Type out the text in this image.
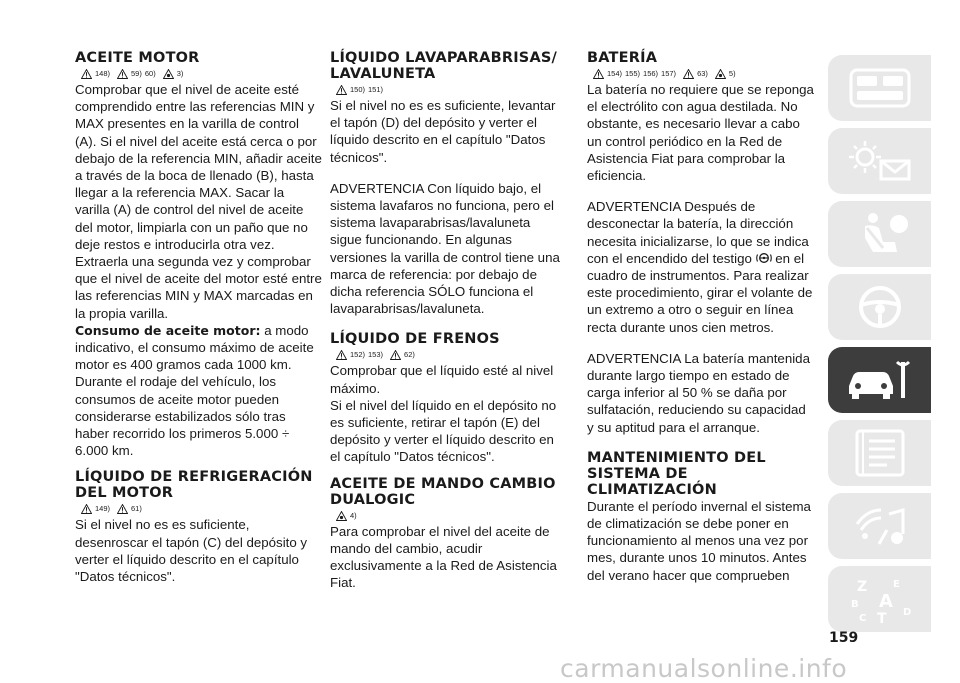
ACEITE MOTOR
148)	59) 60)	3)

Comprobar que el nivel de aceite esté comprendido entre las referencias MIN y MAX presentes en la varilla de control (A). Si el nivel del aceite está cerca o por debajo de la referencia MIN, añadir aceite a través de la boca de llenado (B), hasta llegar a la referencia MAX. Sacar la varilla (A) de control del nivel de aceite del motor, limpiarla con un paño que no deje restos e introducirla otra vez. Extraerla una segunda vez y comprobar que el nivel de aceite del motor esté entre las referencias MIN y MAX marcadas en la propia varilla.

Consumo de aceite motor: a modo indicativo, el consumo máximo de aceite motor es 400 gramos cada 1000 km. Durante el rodaje del vehículo, los consumos de aceite motor pueden considerarse estabilizados sólo tras haber recorrido los primeros 5.000 ÷ 6.000 km.

LÍQUIDO DE REFRIGERACIÓN DEL MOTOR
149)	61)

Si el nivel no es es suficiente, desenroscar el tapón (C) del depósito y verter el líquido descrito en el capítulo "Datos técnicos".

LÍQUIDO LAVAPARABRISAS/ LAVALUNETA
150) 151)

Si el nivel no es es suficiente, levantar el tapón (D) del depósito y verter el líquido descrito en el capítulo "Datos técnicos".

ADVERTENCIA Con líquido bajo, el sistema lavafaros no funciona, pero el sistema lavaparabrisas/lavaluneta sigue funcionando. En algunas versiones la varilla de control tiene una marca de referencia: por debajo de dicha referencia SÓLO funciona el lavaparabrisas/lavaluneta.

LÍQUIDO DE FRENOS
152) 153)	62)

Comprobar que el líquido esté al nivel máximo.

Si el nivel del líquido en el depósito no es suficiente, retirar el tapón (E) del depósito y verter el líquido descrito en el capítulo "Datos técnicos".

ACEITE DE MANDO CAMBIO DUALOGIC
4)

Para comprobar el nivel del aceite de mando del cambio, acudir exclusivamente a la Red de Asistencia Fiat.

BATERÍA
154) 155) 156) 157)	63)	5)

La batería no requiere que se reponga el electrólito con agua destilada. No obstante, es necesario llevar a cabo un control periódico en la Red de Asistencia Fiat para comprobar la eficiencia.

ADVERTENCIA Después de desconectar la batería, la dirección necesita inicializarse, lo que se indica con el encendido del testigo  en el cuadro de instrumentos. Para realizar este procedimiento, girar el volante de un extremo a otro o seguir en línea recta durante unos cien metros.

ADVERTENCIA La batería mantenida durante largo tiempo en estado de carga inferior al 50 % se daña por sulfatación, reduciendo su capacidad y su aptitud para el arranque.

MANTENIMIENTO DEL SISTEMA DE CLIMATIZACIÓN

Durante el período invernal el sistema de climatización se debe poner en funcionamiento al menos una vez por mes, durante unos 10 minutos. Antes del verano hacer que comprueben

Z	E
B A
C T D
159
carmanualsonline.info
